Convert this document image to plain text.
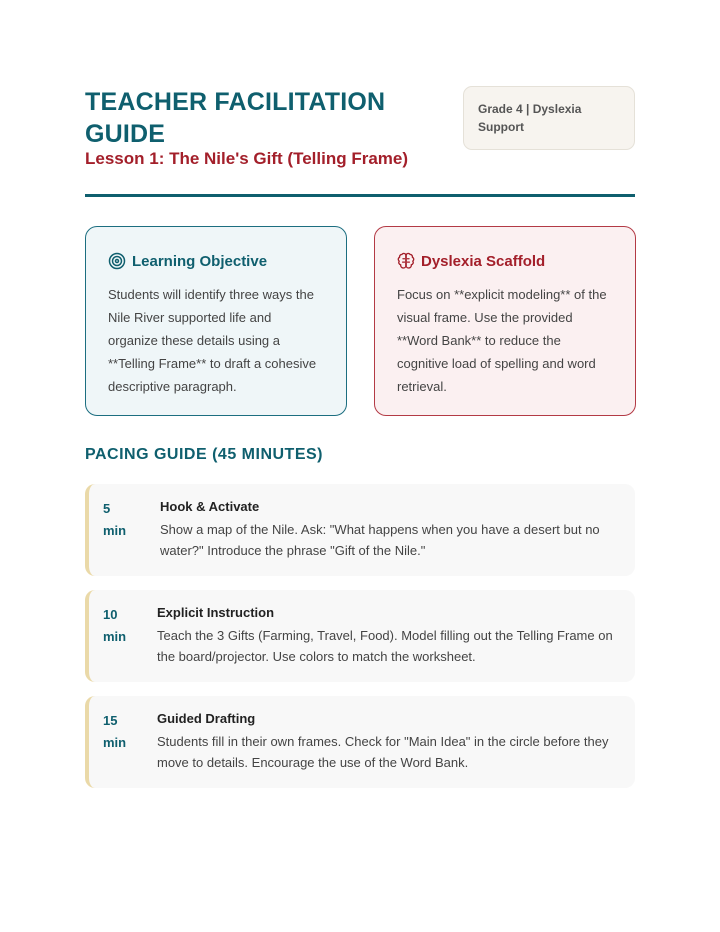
TEACHER FACILITATION GUIDE
Lesson 1: The Nile's Gift (Telling Frame)
Grade 4 | Dyslexia Support
Learning Objective
Students will identify three ways the Nile River supported life and organize these details using a **Telling Frame** to draft a cohesive descriptive paragraph.
Dyslexia Scaffold
Focus on **explicit modeling** of the visual frame. Use the provided **Word Bank** to reduce the cognitive load of spelling and word retrieval.
PACING GUIDE (45 MINUTES)
5
min
Hook & Activate
Show a map of the Nile. Ask: "What happens when you have a desert but no water?" Introduce the phrase "Gift of the Nile."
10
min
Explicit Instruction
Teach the 3 Gifts (Farming, Travel, Food). Model filling out the Telling Frame on the board/projector. Use colors to match the worksheet.
15
min
Guided Drafting
Students fill in their own frames. Check for "Main Idea" in the circle before they move to details. Encourage the use of the Word Bank.
